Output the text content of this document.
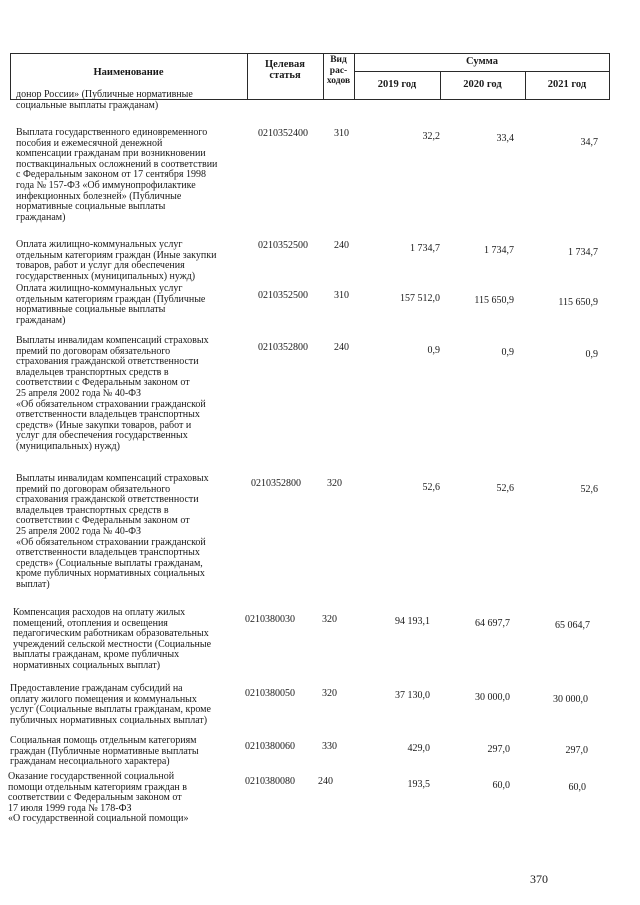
Наименование
Целевая
статья
Вид
рас-
ходов
Сумма
2019 год	2020 год	2021 год
донор России» (Публичные нормативные
социальные выплаты гражданам)
Выплата государственного единовременного
пособия и ежемесячной денежной
компенсации гражданам при возникновении
поствакцинальных осложнений в соответствии
с Федеральным законом от 17 сентября 1998
года № 157-ФЗ «Об иммунопрофилактике
инфекционных болезней» (Публичные
нормативные социальные выплаты
гражданам)
0210352400	310	32,2	33,4	34,7
Оплата жилищно-коммунальных услуг
отдельным категориям граждан (Иные закупки
товаров, работ и услуг для обеспечения
государственных (муниципальных) нужд)
0210352500	240	1 734,7	1 734,7	1 734,7
Оплата жилищно-коммунальных услуг
отдельным категориям граждан (Публичные
нормативные социальные выплаты
гражданам)
0210352500	310	157 512,0	115 650,9	115 650,9
Выплаты инвалидам компенсаций страховых
премий по договорам обязательного
страхования гражданской ответственности
владельцев транспортных средств в
соответствии с Федеральным законом от
25 апреля 2002 года № 40-ФЗ
«Об обязательном страховании гражданской
ответственности владельцев транспортных
средств» (Иные закупки товаров, работ и
услуг для обеспечения государственных
(муниципальных) нужд)
0210352800	240	0,9	0,9	0,9
Выплаты инвалидам компенсаций страховых
премий по договорам обязательного
страхования гражданской ответственности
владельцев транспортных средств в
соответствии с Федеральным законом от
25 апреля 2002 года № 40-ФЗ
«Об обязательном страховании гражданской
ответственности владельцев транспортных
средств» (Социальные выплаты гражданам,
кроме публичных нормативных социальных
выплат)
0210352800	320	52,6	52,6	52,6
Компенсация расходов на оплату жилых
помещений, отопления и освещения
педагогическим работникам образовательных
учреждений сельской местности (Социальные
выплаты гражданам, кроме публичных
нормативных социальных выплат)
0210380030	320	94 193,1	64 697,7	65 064,7
Предоставление гражданам субсидий на
оплату жилого помещения и коммунальных
услуг (Социальные выплаты гражданам, кроме
публичных нормативных социальных выплат)
0210380050	320	37 130,0	30 000,0	30 000,0
Социальная помощь отдельным категориям
граждан (Публичные нормативные выплаты
гражданам несоциального характера)
0210380060	330	429,0	297,0	297,0
Оказание государственной социальной
помощи отдельным категориям граждан в
соответствии с Федеральным законом от
17 июля 1999 года № 178-ФЗ
«О государственной социальной помощи»
0210380080 240	193,5	60,0	60,0
370
